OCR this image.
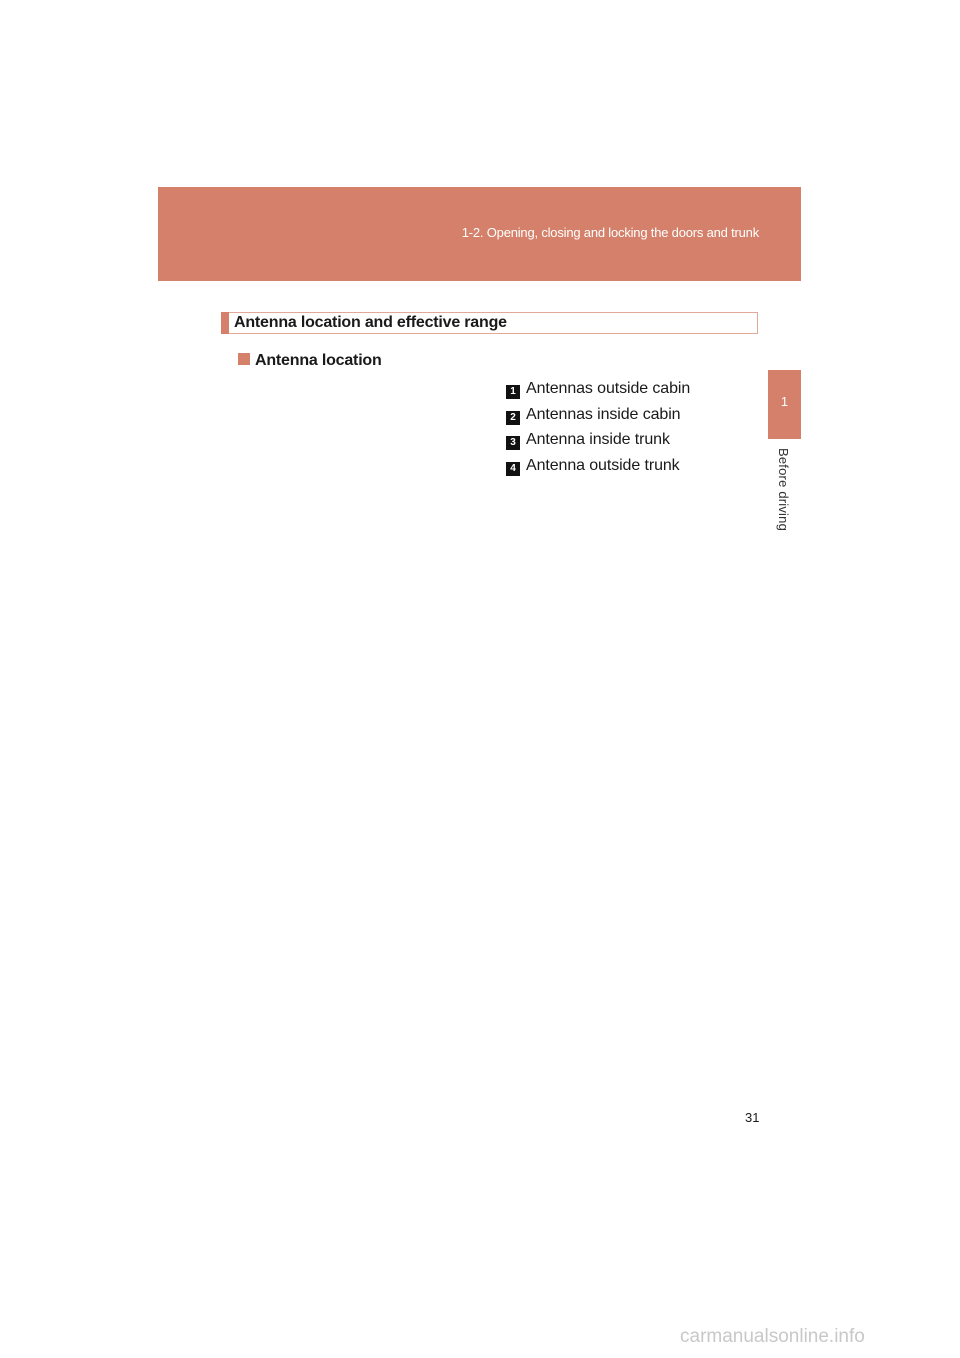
1-2. Opening, closing and locking the doors and trunk
1
Before driving
Antenna location and effective range
Antenna location
1 Antennas outside cabin
2 Antennas inside cabin
3 Antenna inside trunk
4 Antenna outside trunk
31
carmanualsonline.info
